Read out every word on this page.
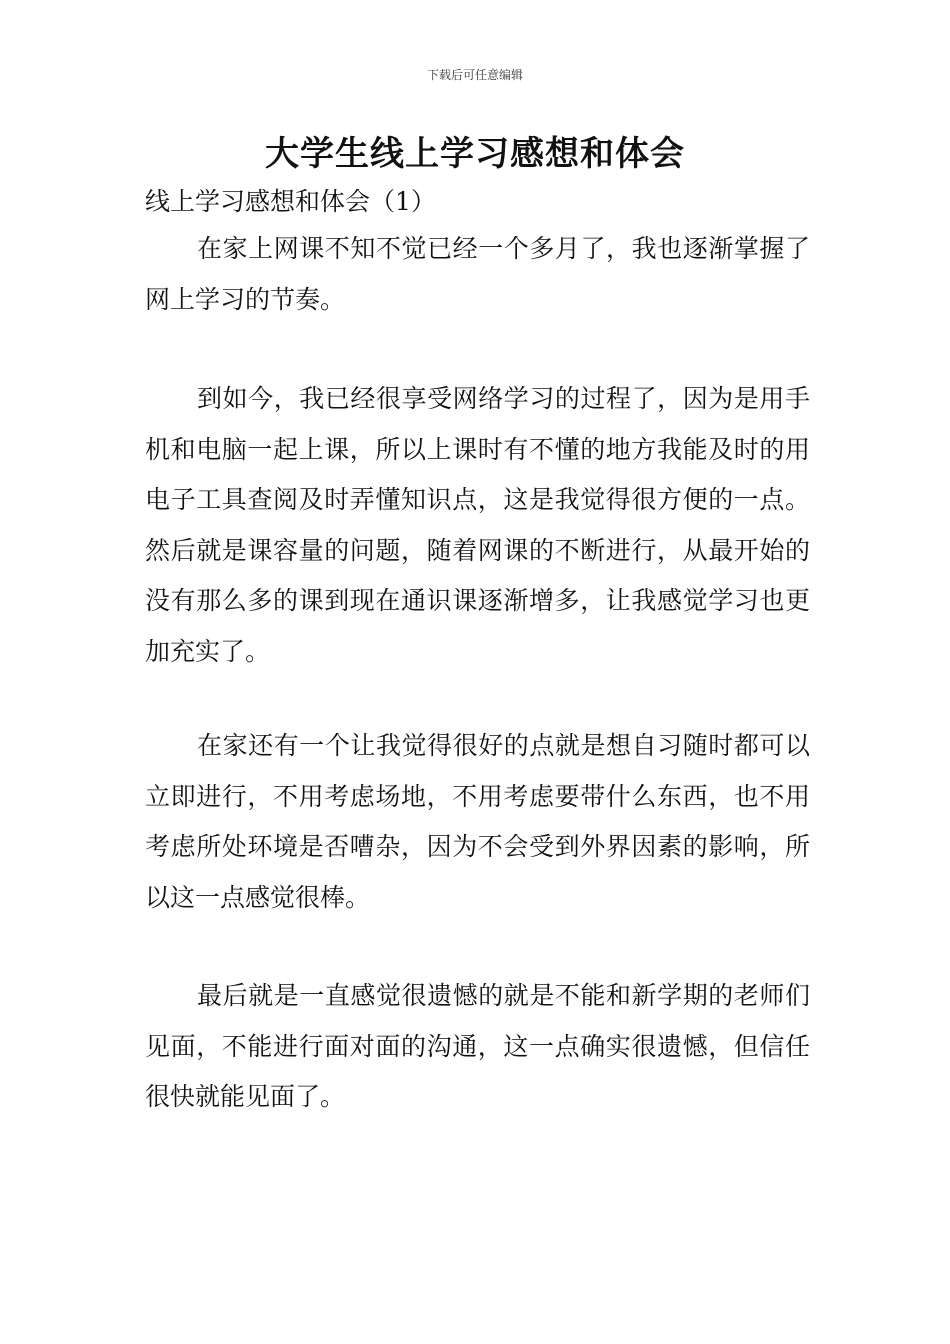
下载后可任意编辑
大学生线上学习感想和体会

线上学习感想和体会（1）

在家上网课不知不觉已经一个多月了，我也逐渐掌握了网上学习的节奏。

到如今，我已经很享受网络学习的过程了，因为是用手机和电脑一起上课，所以上课时有不懂的地方我能及时的用电子工具查阅及时弄懂知识点，这是我觉得很方便的一点。然后就是课容量的问题，随着网课的不断进行，从最开始的没有那么多的课到现在通识课逐渐增多，让我感觉学习也更加充实了。

在家还有一个让我觉得很好的点就是想自习随时都可以立即进行，不用考虑场地，不用考虑要带什么东西，也不用考虑所处环境是否嘈杂，因为不会受到外界因素的影响，所以这一点感觉很棒。

最后就是一直感觉很遗憾的就是不能和新学期的老师们见面，不能进行面对面的沟通，这一点确实很遗憾，但信任很快就能见面了。
